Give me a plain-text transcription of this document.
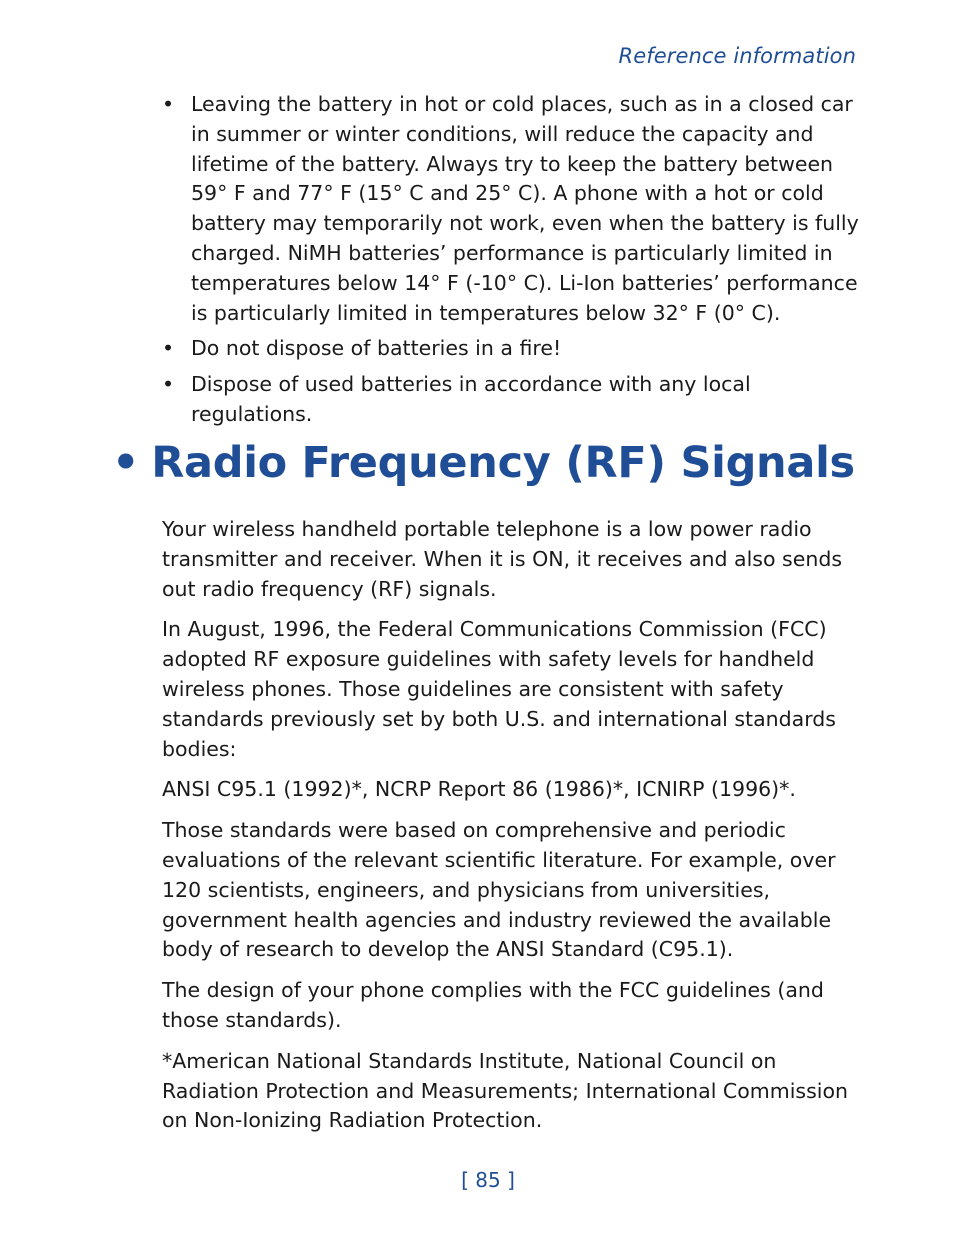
Reference information
• Leaving the battery in hot or cold places, such as in a closed car in summer or winter conditions, will reduce the capacity and lifetime of the battery. Always try to keep the battery between 59° F and 77° F (15° C and 25° C). A phone with a hot or cold battery may temporarily not work, even when the battery is fully charged. NiMH batteries’ performance is particularly limited in temperatures below 14° F (-10° C). Li-Ion batteries’ performance is particularly limited in temperatures below 32° F (0° C).
• Do not dispose of batteries in a fire!
• Dispose of used batteries in accordance with any local regulations.
• Radio Frequency (RF) Signals

Your wireless handheld portable telephone is a low power radio transmitter and receiver. When it is ON, it receives and also sends out radio frequency (RF) signals.

In August, 1996, the Federal Communications Commission (FCC) adopted RF exposure guidelines with safety levels for handheld wireless phones. Those guidelines are consistent with safety standards previously set by both U.S. and international standards bodies:

ANSI C95.1 (1992)*, NCRP Report 86 (1986)*, ICNIRP (1996)*.

Those standards were based on comprehensive and periodic evaluations of the relevant scientific literature. For example, over 120 scientists, engineers, and physicians from universities, government health agencies and industry reviewed the available body of research to develop the ANSI Standard (C95.1).

The design of your phone complies with the FCC guidelines (and those standards).

*American National Standards Institute, National Council on Radiation Protection and Measurements; International Commission on Non-Ionizing Radiation Protection.

[ 85 ]
